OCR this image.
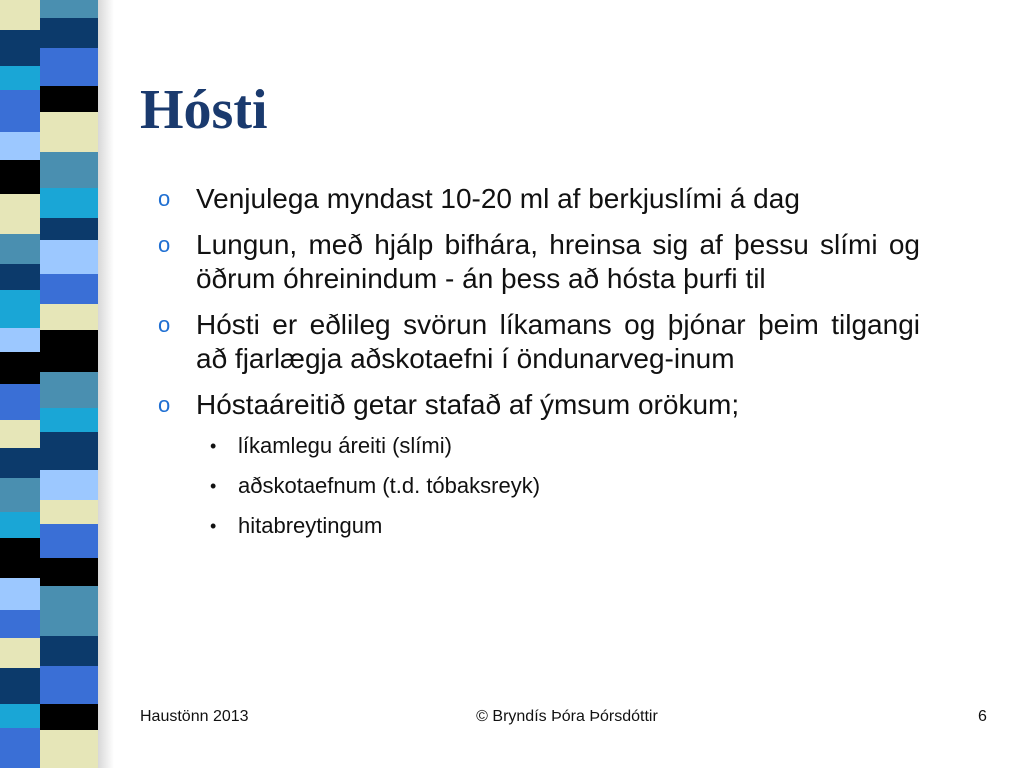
Hósti
o Venjulega myndast 10-20 ml af berkjuslími á dag
o Lungun, með hjálp bifhára, hreinsa sig af þessu slími og öðrum óhreinindum - án þess að hósta þurfi til
o Hósti er eðlileg svörun líkamans og þjónar þeim tilgangi að fjarlægja aðskotaefni í öndunarveg-inum
o Hóstaáreitið getar stafað af ýmsum orökum;
• líkamlegu áreiti (slími)
• aðskotaefnum (t.d. tóbaksreyk)
• hitabreytingum
Haustönn 2013	© Bryndís Þóra Þórsdóttir	6
